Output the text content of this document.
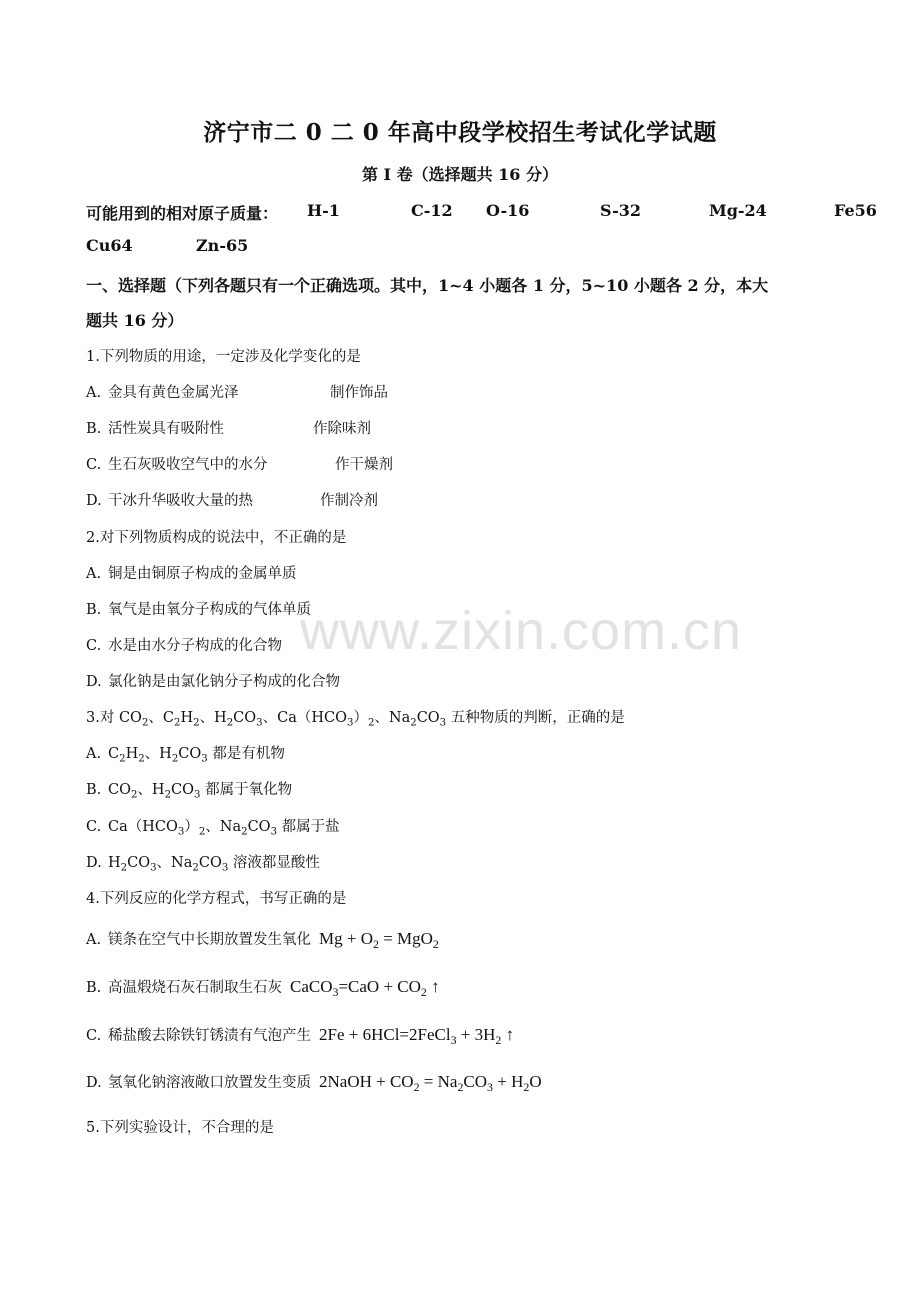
www.zixin.com.cn
济宁市二 0 二 0 年高中段学校招生考试化学试题
第 I 卷（选择题共 16 分）
可能用到的相对原子质量： H-1	C-12 O-16	S-32	Mg-24	Fe56
Cu64	Zn-65
一、选择题（下列各题只有一个正确选项。其中，1~4 小题各 1 分，5~10 小题各 2 分，本大
题共 16 分）
1.下列物质的用途，一定涉及化学变化的是
A. 金具有黄色金属光泽	制作饰品
B. 活性炭具有吸附性	作除味剂
C. 生石灰吸收空气中的水分	作干燥剂
D. 干冰升华吸收大量的热	作制冷剂
2.对下列物质构成的说法中，不正确的是
A. 铜是由铜原子构成的金属单质
B. 氧气是由氧分子构成的气体单质
C. 水是由水分子构成的化合物
D. 氯化钠是由氯化钠分子构成的化合物
3.对 $CO_2$、$C_2H_2$、$H_2CO_3$、$Ca(HCO_3)_2$、$Na_2CO_3$ 五种物质的判断，正确的是
A. $C_2H_2$、$H_2CO_3$ 都是有机物
B. $CO_2$、$H_2CO_3$ 都属于氧化物
C. $Ca(HCO_3)_2$、$Na_2CO_3$ 都属于盐
D. $H_2CO_3$、$Na_2CO_3$ 溶液都显酸性
4.下列反应的化学方程式，书写正确的是
A. 镁条在空气中长期放置发生氧化 $Mg + O_2 = MgO_2$
B. 高温煅烧石灰石制取生石灰 CaCO$_3$=CaO + $CO_2$ ↑
C. 稀盐酸去除铁钉锈渍有气泡产生 2Fe + 6HCl=2FeCl$_3$ + $3H_2$ ↑
D. 氢氧化钠溶液敞口放置发生变质 2NaOH + $CO_2 = Na_2CO_3 + H_2O$
5.下列实验设计，不合理的是
